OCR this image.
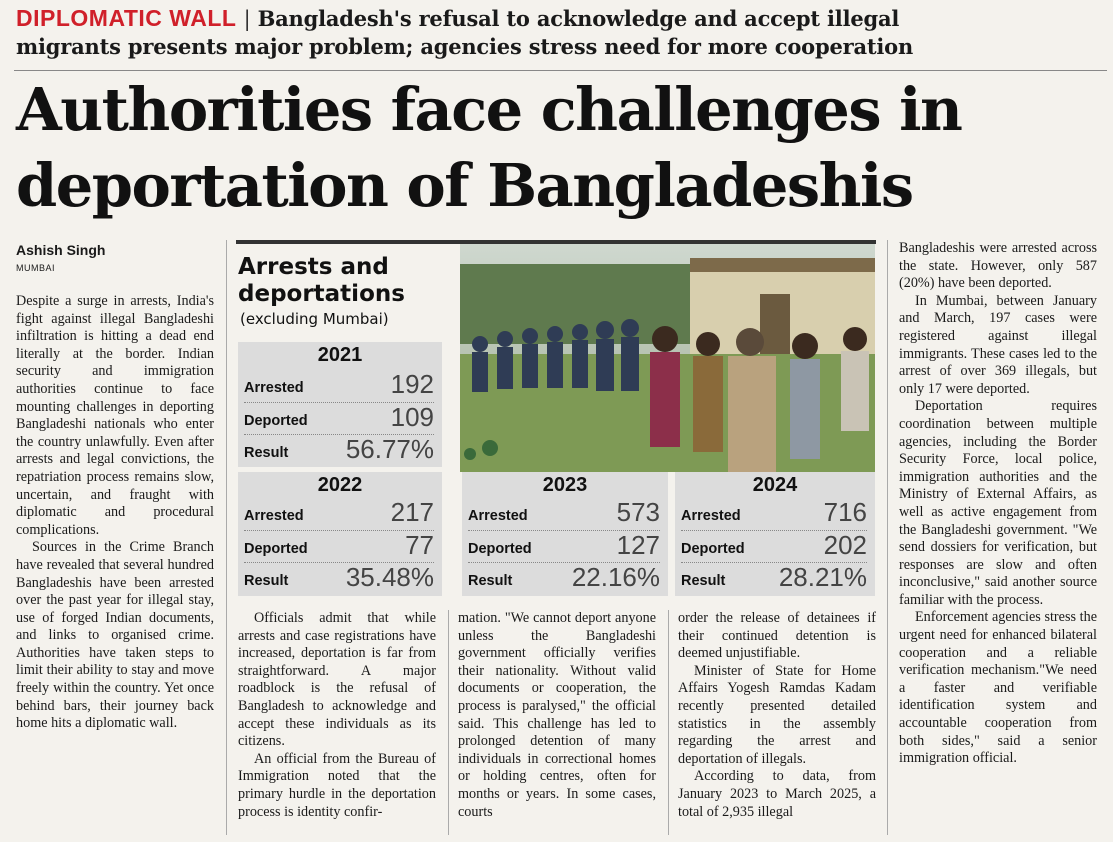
DIPLOMATIC WALL | Bangladesh's refusal to acknowledge and accept illegal
migrants presents major problem; agencies stress need for more cooperation
Authorities face challenges in
deportation of Bangladeshis
Ashish Singh
MUMBAI

Despite a surge in arrests, India's fight against illegal Bangladeshi infiltration is hitting a dead end literally at the border. Indian security and immigration authorities continue to face mounting challenges in deporting Bangladeshi nationals who enter the country unlawfully. Even after arrests and legal convictions, the repatriation process remains slow, uncertain, and fraught with diplomatic and procedural complications.

Sources in the Crime Branch have revealed that several hundred Bangladeshis have been arrested over the past year for illegal stay, use of forged Indian documents, and links to organised crime. Authorities have taken steps to limit their ability to stay and move freely within the country. Yet once behind bars, their journey back home hits a diplomatic wall.

Arrests and
deportations
(excluding Mumbai)
2021
Arrested	192
Deported	109
Result 56.77%
2022
Arrested	217
Deported	77
Result 35.48%
2023
Arrested	573
Deported	127
Result 22.16%
2024
Arrested	716
Deported	202
Result 28.21%

Officials admit that while arrests and case registrations have increased, deportation is far from straightforward. A major roadblock is the refusal of Bangladesh to acknowledge and accept these individuals as its citizens.

An official from the Bureau of Immigration noted that the primary hurdle in the deportation process is identity confir-

mation. "We cannot deport anyone unless the Bangladeshi government officially verifies their nationality. Without valid documents or cooperation, the process is paralysed," the official said. This challenge has led to prolonged detention of many individuals in correctional homes or holding centres, often for months or years. In some cases, courts

order the release of detainees if their continued detention is deemed unjustifiable.

Minister of State for Home Affairs Yogesh Ramdas Kadam recently presented detailed statistics in the assembly regarding the arrest and deportation of illegals.

According to data, from January 2023 to March 2025, a total of 2,935 illegal

Bangladeshis were arrested across the state. However, only 587 (20%) have been deported.

In Mumbai, between January and March, 197 cases were registered against illegal immigrants. These cases led to the arrest of over 369 illegals, but only 17 were deported.

Deportation requires coordination between multiple agencies, including the Border Security Force, local police, immigration authorities and the Ministry of External Affairs, as well as active engagement from the Bangladeshi government. "We send dossiers for verification, but responses are slow and often inconclusive," said another source familiar with the process.

Enforcement agencies stress the urgent need for enhanced bilateral cooperation and a reliable verification mechanism."We need a faster and verifiable identification system and accountable cooperation from both sides," said a senior immigration official.
